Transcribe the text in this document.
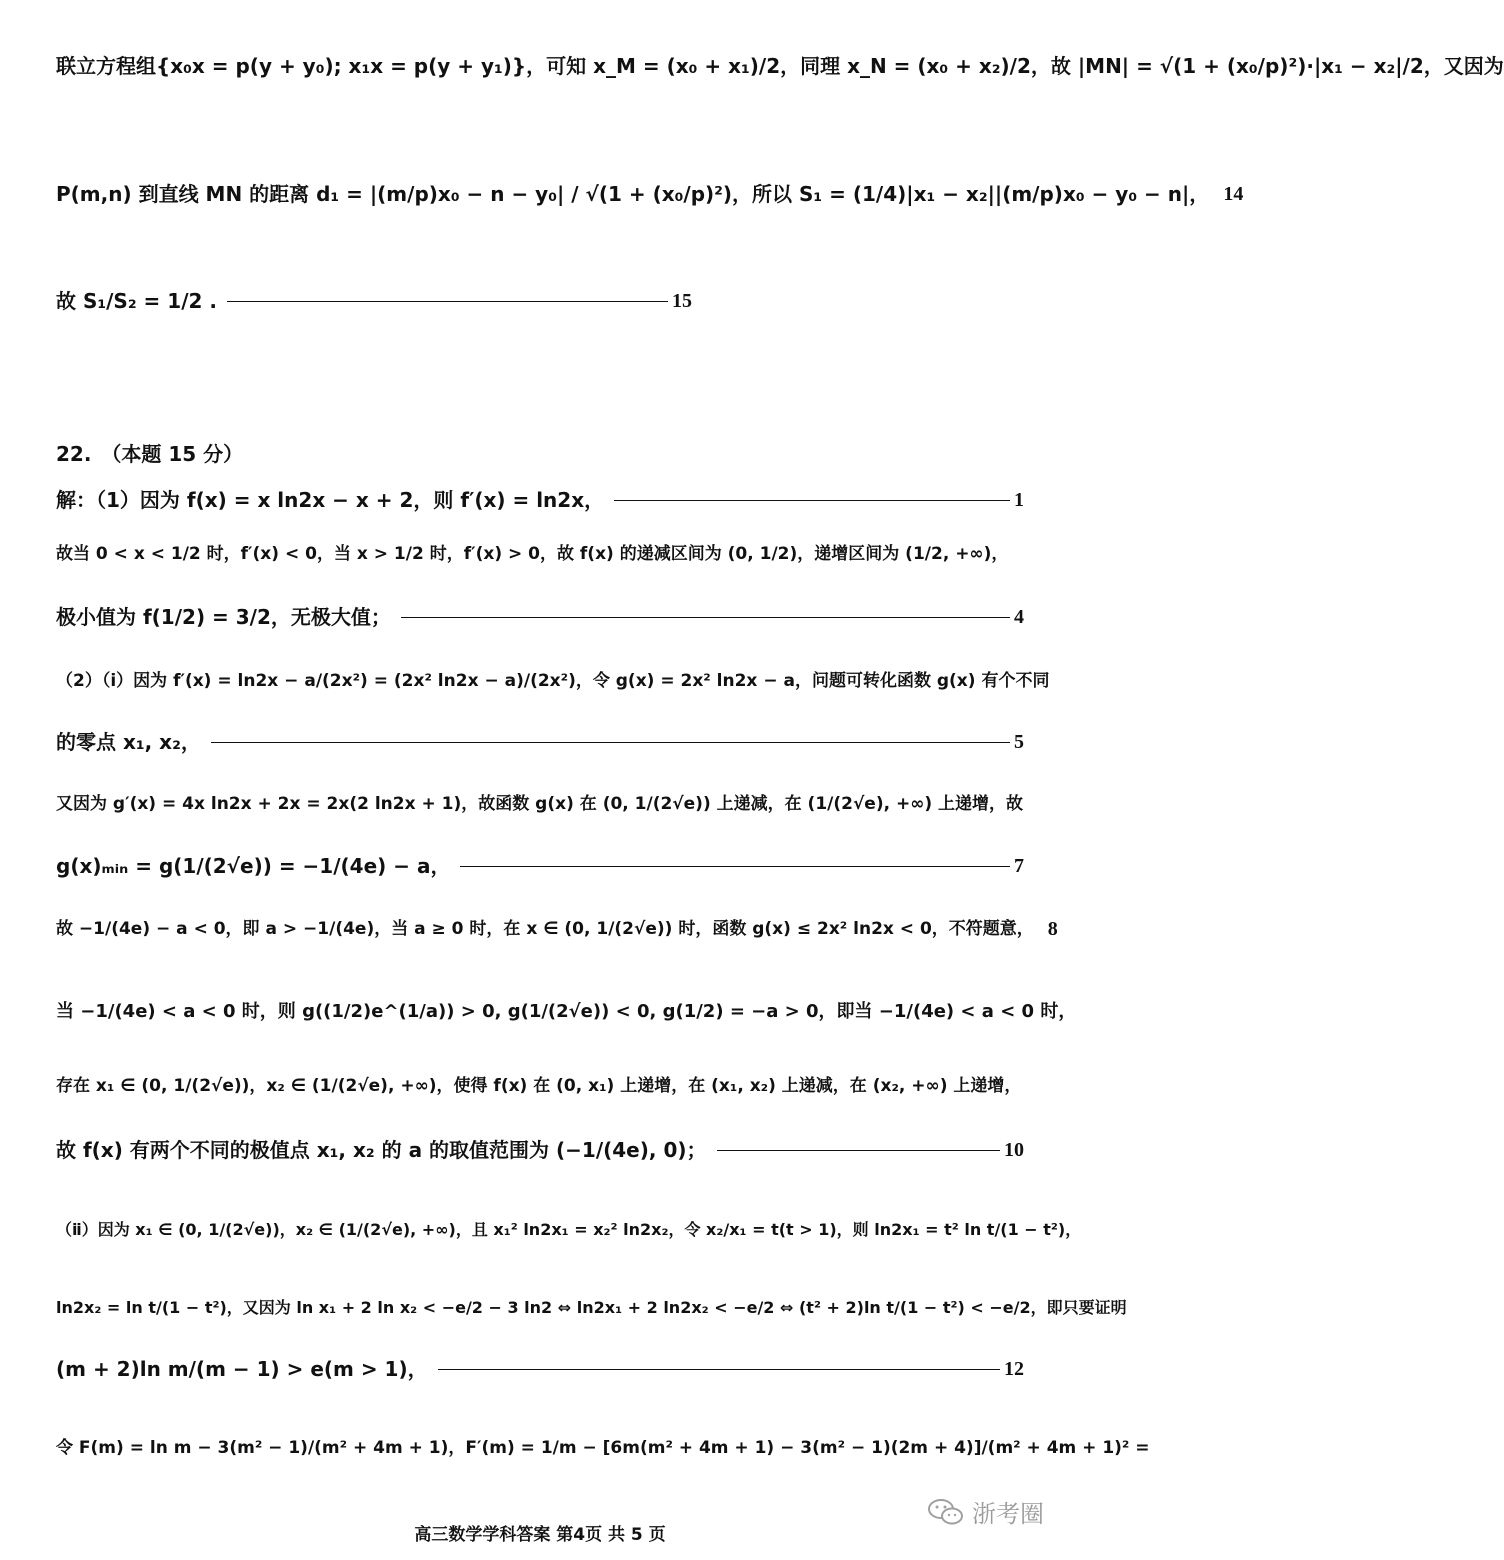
联立方程组{x₀x = p(y + y₀); x₁x = p(y + y₁)}，可知 x_M = (x₀ + x₁)/2，同理 x_N = (x₀ + x₂)/2，故 |MN| = √(1 + (x₀/p)²)·|x₁ − x₂|/2，又因为
P(m,n) 到直线 MN 的距离 d₁ = |(m/p)x₀ − n − y₀| / √(1 + (x₀/p)²)，所以 S₁ = (1/4)|x₁ − x₂||(m/p)x₀ − y₀ − n|， 14
故 S₁/S₂ = 1/2 .	15
22.　（本题 15 分）
解：（1）因为 f(x) = x ln2x − x + 2，则 f′(x) = ln2x，	1
故当 0 < x < 1/2 时，f′(x) < 0，当 x > 1/2 时，f′(x) > 0，故 f(x) 的递减区间为 (0, 1/2)，递增区间为 (1/2, +∞)，
极小值为 f(1/2) = 3/2，无极大值；	4
（2）（ⅰ）因为 f′(x) = ln2x − a/(2x²) = (2x² ln2x − a)/(2x²)，令 g(x) = 2x² ln2x − a，问题可转化函数 g(x) 有个不同
的零点 x₁, x₂，	5
又因为 g′(x) = 4x ln2x + 2x = 2x(2 ln2x + 1)，故函数 g(x) 在 (0, 1/(2√e)) 上递减，在 (1/(2√e), +∞) 上递增，故
g(x)ₘᵢₙ = g(1/(2√e)) = −1/(4e) − a，	7
故 −1/(4e) − a < 0，即 a > −1/(4e)，当 a ≥ 0 时，在 x ∈ (0, 1/(2√e)) 时，函数 g(x) ≤ 2x² ln2x < 0，不符题意， 8
当 −1/(4e) < a < 0 时，则 g((1/2)e^(1/a)) > 0, g(1/(2√e)) < 0, g(1/2) = −a > 0，即当 −1/(4e) < a < 0 时，
存在 x₁ ∈ (0, 1/(2√e))，x₂ ∈ (1/(2√e), +∞)，使得 f(x) 在 (0, x₁) 上递增，在 (x₁, x₂) 上递减，在 (x₂, +∞) 上递增，
故 f(x) 有两个不同的极值点 x₁, x₂ 的 a 的取值范围为 (−1/(4e), 0)；	10
（ⅱ）因为 x₁ ∈ (0, 1/(2√e))，x₂ ∈ (1/(2√e), +∞)，且 x₁² ln2x₁ = x₂² ln2x₂，令 x₂/x₁ = t(t > 1)，则 ln2x₁ = t² ln t/(1 − t²)，
ln2x₂ = ln t/(1 − t²)，又因为 ln x₁ + 2 ln x₂ < −e/2 − 3 ln2 ⇔ ln2x₁ + 2 ln2x₂ < −e/2 ⇔ (t² + 2)ln t/(1 − t²) < −e/2，即只要证明
(m + 2)ln m/(m − 1) > e(m > 1)，	12
令 F(m) = ln m − 3(m² − 1)/(m² + 4m + 1)，F′(m) = 1/m − [6m(m² + 4m + 1) − 3(m² − 1)(2m + 4)]/(m² + 4m + 1)² =
高三数学学科答案 第4页 共 5 页
浙考圈
